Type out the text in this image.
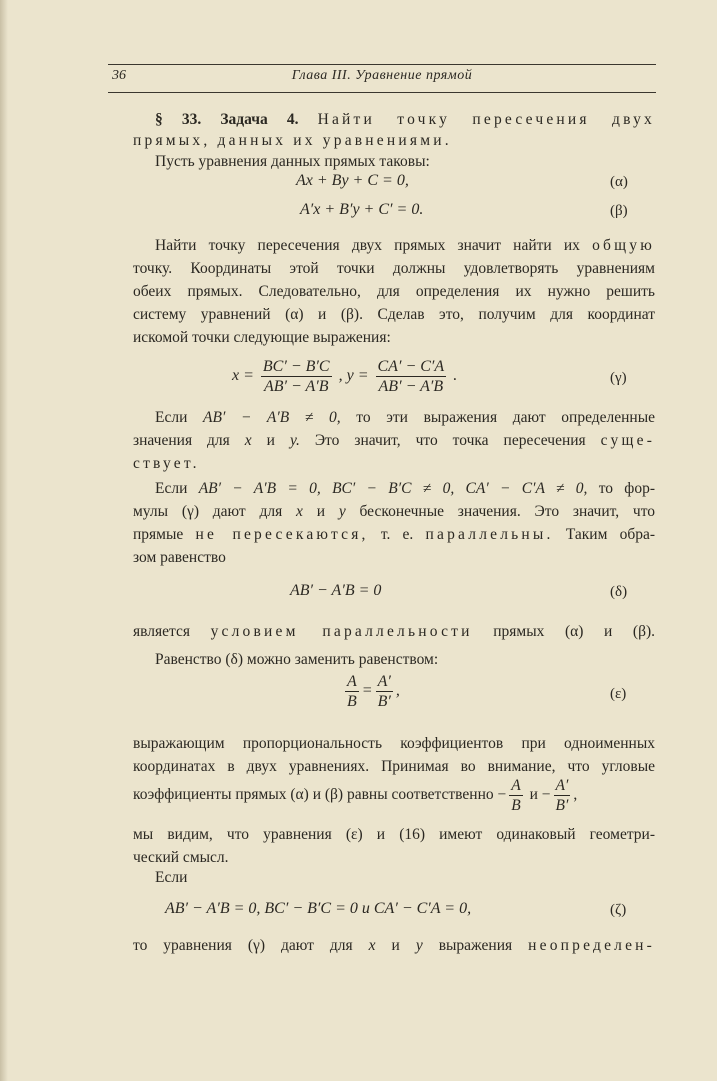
36	Глава III. Уравнение прямой
§ 33. Задача 4. Найти точку пересечения двух
прямых, данных их уравнениями.
Пусть уравнения данных прямых таковы:
Ax + By + C = 0,	(α)
A′x + B′y + C′ = 0.	(β)
Найти точку пересечения двух прямых значит найти их общую
точку. Координаты этой точки должны удовлетворять уравнениям
обеих прямых. Следовательно, для определения их нужно решить
систему уравнений (α) и (β). Сделав это, получим для координат
искомой точки следующие выражения:
$x = \frac{BC' - B'C}{AB' - A'B}$ , $y = \frac{CA' - C'A}{AB' - A'B}$ .	(γ)
Если AB′ − A′B ≠ 0, то эти выражения дают определенные
значения для x и y. Это значит, что точка пересечения суще-
ствует.
Если AB′ − A′B = 0, BC′ − B′C ≠ 0, CA′ − C′A ≠ 0, то фор-
мулы (γ) дают для x и y бесконечные значения. Это значит, что
прямые не пересекаются, т. е. параллельны. Таким обра-
зом равенство
AB′ − A′B = 0	(δ)
является условием параллельности прямых (α) и (β).
Равенство (δ) можно заменить равенством:
$\frac{A}{B} = \frac{A'}{B'}$ ,	(ε)
выражающим пропорциональность коэффициентов при одноименных
координатах в двух уравнениях. Принимая во внимание, что угловые
коэффициенты прямых (α) и (β) равны соответственно − $\frac{A}{B}$ $и - \frac{A'}{B'}$ ,
мы видим, что уравнения (ε) и (16) имеют одинаковый геометри-
ческий смысл.
Если
AB′ − A′B = 0, BC′ − B′C = 0 и CA′ − C′A = 0,	(ζ)
то уравнения (γ) дают для x и y выражения неопределен-
